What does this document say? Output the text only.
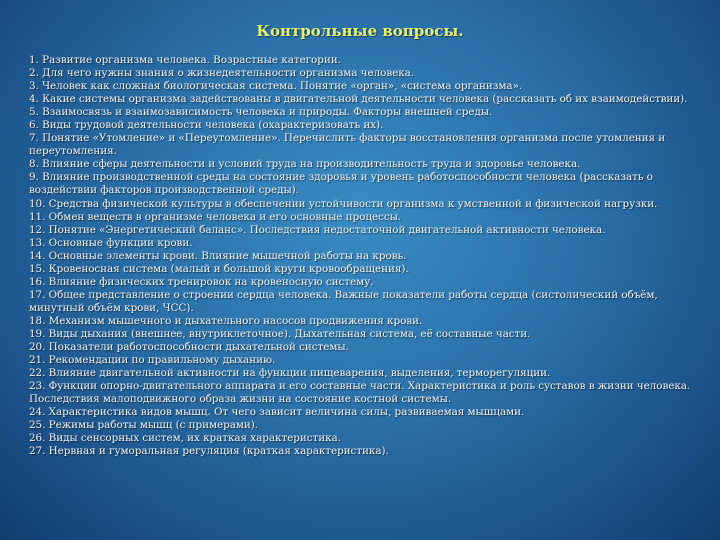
Контрольные вопросы.
1. Развитие организма человека. Возрастные категории.
2. Для чего нужны знания о жизнедеятельности организма человека.
3. Человек как сложная биологическая система. Понятие «орган», «система организма».
4. Какие системы организма задействованы в двигательной деятельности человека (рассказать об их взаимодействии).
5. Взаимосвязь и взаимозависимость человека и природы. Факторы внешней среды.
6. Виды трудовой деятельности человека (охарактеризовать их).
7. Понятие «Утомление» и «Переутомление». Перечислить факторы восстановления организма после утомления и переутомления.
8. Влияние сферы деятельности и условий труда на производительность труда и здоровье человека.
9. Влияние производственной среды на состояние здоровья и уровень работоспособности человека (рассказать о воздействии факторов производственной среды).
10. Средства физической культуры в обеспечении устойчивости организма к умственной и физической нагрузки.
11. Обмен веществ в организме человека и его основные процессы.
12. Понятие «Энергетический баланс». Последствия недостаточной двигательной активности человека.
13. Основные функции крови.
14. Основные элементы крови. Влияние мышечной работы на кровь.
15. Кровеносная система (малый и большой круги кровообращения).
16. Влияние физических тренировок на кровеносную систему.
17. Общее представление о строении сердца человека. Важные показатели работы сердца (систолический объём, минутный объём крови, ЧСС).
18. Механизм мышечного и дыхательного насосов продвижения крови.
19. Виды дыхания (внешнее, внутриклеточное). Дыхательная система, её составные части.
20. Показатели работоспособности дыхательной системы.
21. Рекомендации по правильному дыханию.
22. Влияние двигательной активности на функции пищеварения, выделения, терморегуляции.
23. Функции опорно-двигательного аппарата и его составные части. Характеристика и роль суставов в жизни человека. Последствия малоподвижного образа жизни на состояние костной системы.
24. Характеристика видов мышц. От чего зависит величина силы, развиваемая мышцами.
25. Режимы работы мышц (с примерами).
26. Виды сенсорных систем, их краткая характеристика.
27. Нервная и гуморальная регуляция (краткая характеристика).
